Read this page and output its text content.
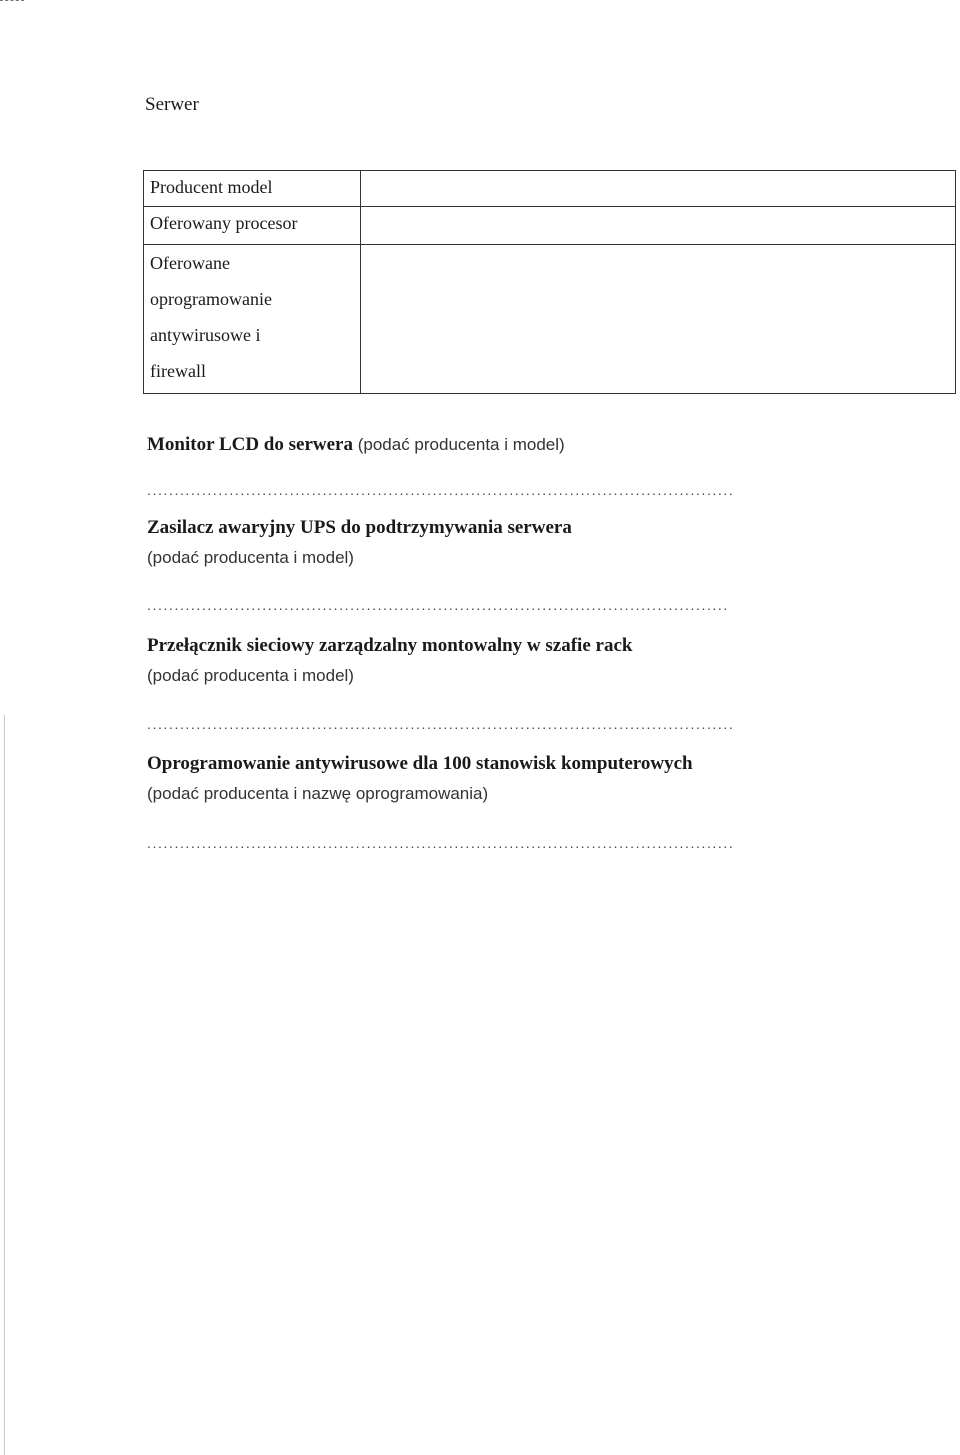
Serwer
Producent model	
Oferowany procesor	

Oferowane
oprogramowanie
antywirusowe i
firewall	

Monitor LCD do serwera (podać producenta i model)
...........................................................................................................
Zasilacz awaryjny UPS do podtrzymywania serwera
(podać producenta i model)
..........................................................................................................
Przełącznik sieciowy zarządzalny montowalny w szafie rack
(podać producenta i model)
...........................................................................................................
Oprogramowanie antywirusowe dla 100 stanowisk komputerowych
(podać producenta i nazwę oprogramowania)
...........................................................................................................
